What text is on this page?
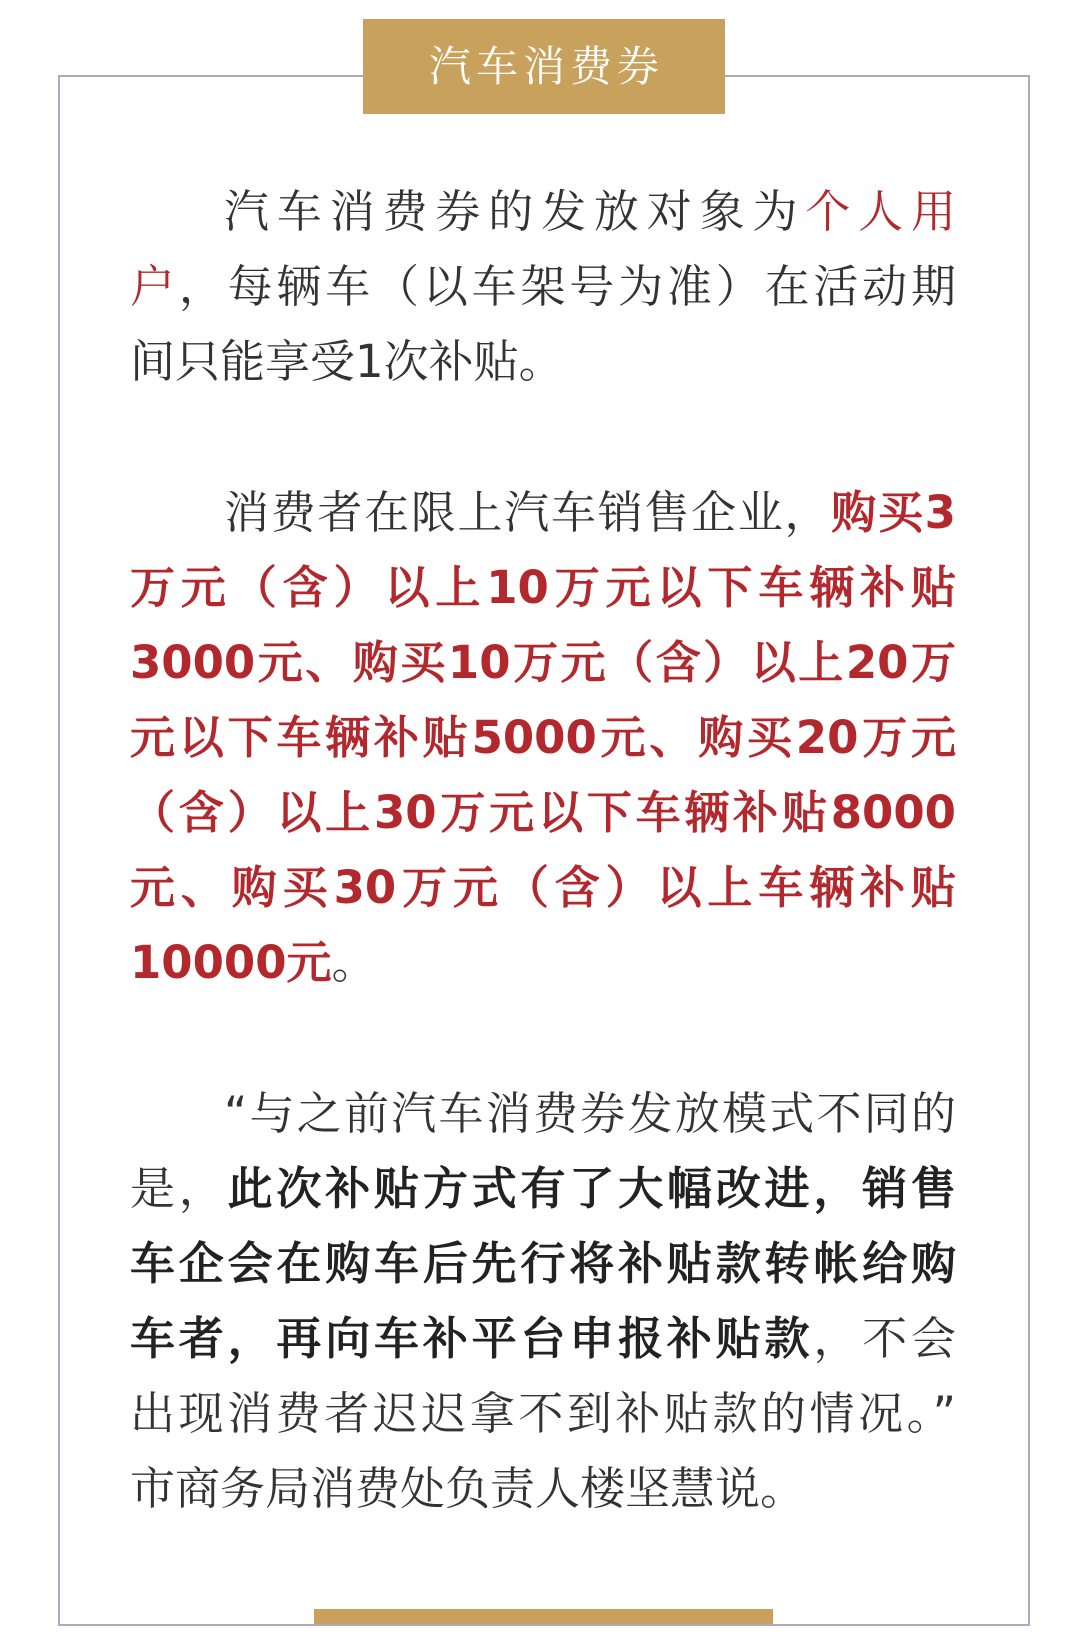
汽车消费券
汽车消费券的发放对象为个人用
户，每辆车（以车架号为准）在活动期
间只能享受1次补贴。
消费者在限上汽车销售企业，购买3
万元（含）以上10万元以下车辆补贴
3000元、购买10万元（含）以上20万
元以下车辆补贴5000元、购买20万元
（含）以上30万元以下车辆补贴8000
元、购买30万元（含）以上车辆补贴
10000元。
“与之前汽车消费券发放模式不同的
是，此次补贴方式有了大幅改进，销售
车企会在购车后先行将补贴款转帐给购
车者，再向车补平台申报补贴款，不会
出现消费者迟迟拿不到补贴款的情况。”
市商务局消费处负责人楼坚慧说。
